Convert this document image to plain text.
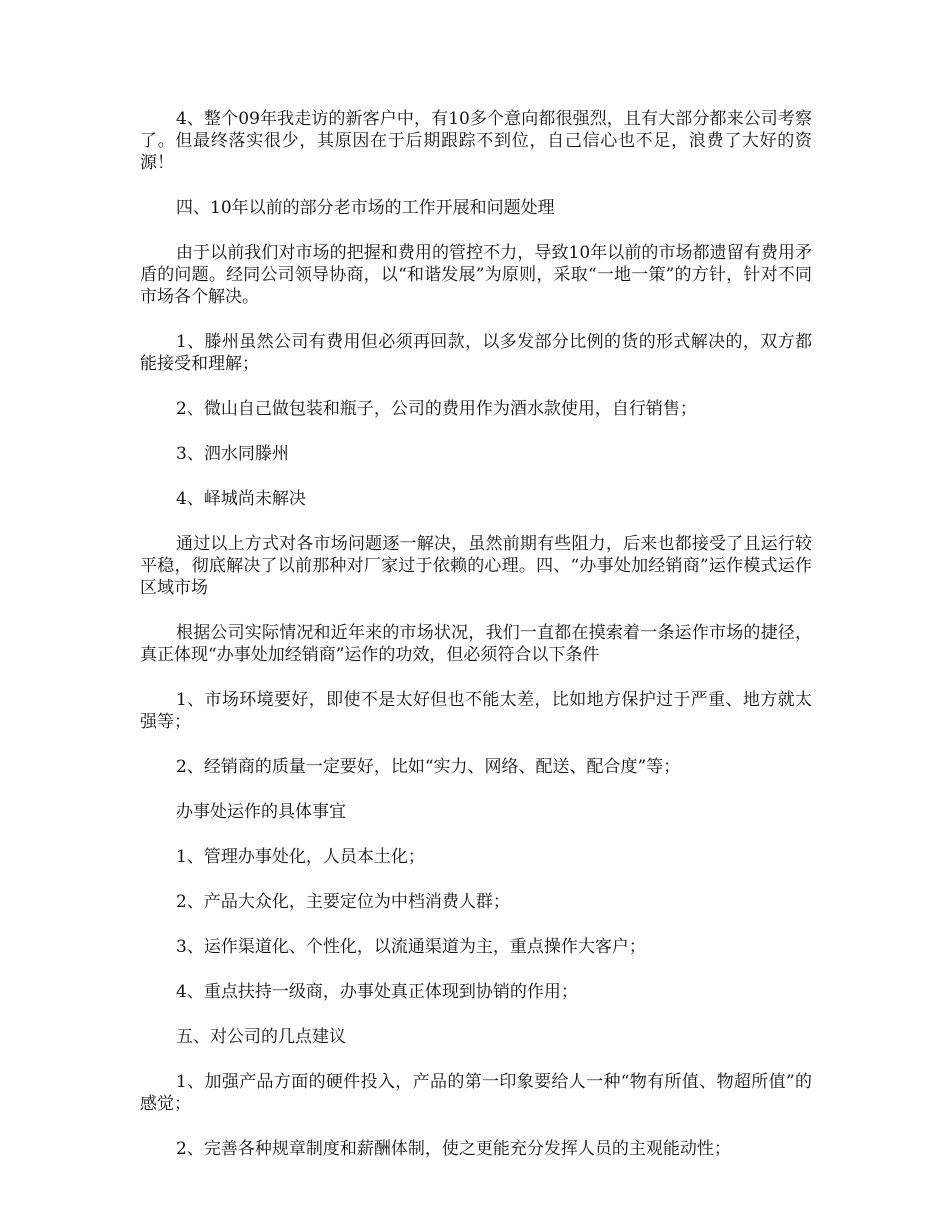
4、整个09年我走访的新客户中，有10多个意向都很强烈，且有大部分都来公司考察了。但最终落实很少，其原因在于后期跟踪不到位，自己信心也不足，浪费了大好的资源！

四、10年以前的部分老市场的工作开展和问题处理

由于以前我们对市场的把握和费用的管控不力，导致10年以前的市场都遗留有费用矛盾的问题。经同公司领导协商，以“和谐发展”为原则，采取“一地一策”的方针，针对不同市场各个解决。

1、滕州虽然公司有费用但必须再回款，以多发部分比例的货的形式解决的，双方都能接受和理解；

2、微山自己做包装和瓶子，公司的费用作为酒水款使用，自行销售；

3、泗水同滕州

4、峄城尚未解决

通过以上方式对各市场问题逐一解决，虽然前期有些阻力，后来也都接受了且运行较平稳，彻底解决了以前那种对厂家过于依赖的心理。四、“办事处加经销商”运作模式运作区域市场

根据公司实际情况和近年来的市场状况，我们一直都在摸索着一条运作市场的捷径，真正体现“办事处加经销商”运作的功效，但必须符合以下条件

1、市场环境要好，即使不是太好但也不能太差，比如地方保护过于严重、地方就太强等；

2、经销商的质量一定要好，比如“实力、网络、配送、配合度”等；

办事处运作的具体事宜

1、管理办事处化，人员本土化；

2、产品大众化，主要定位为中档消费人群；

3、运作渠道化、个性化，以流通渠道为主，重点操作大客户；

4、重点扶持一级商，办事处真正体现到协销的作用；

五、对公司的几点建议

1、加强产品方面的硬件投入，产品的第一印象要给人一种“物有所值、物超所值”的感觉；

2、完善各种规章制度和薪酬体制，使之更能充分发挥人员的主观能动性；
